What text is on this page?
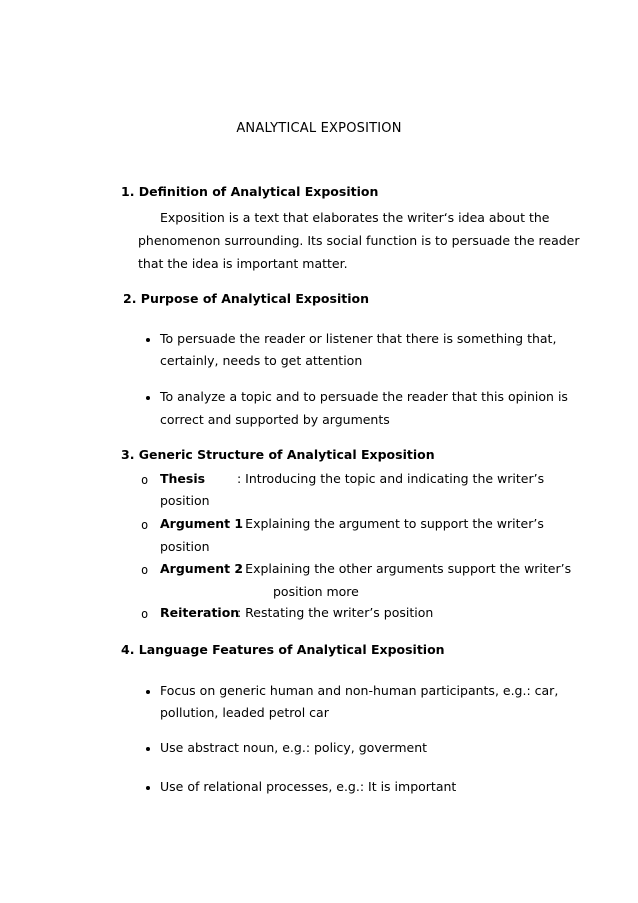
ANALYTICAL EXPOSITION
1. Definition of Analytical Exposition
Exposition is a text that elaborates the writer‘s idea about the
phenomenon surrounding. Its social function is to persuade the reader
that the idea is important matter.
2. Purpose of Analytical Exposition
To persuade the reader or listener that there is something that,
certainly, needs to get attention
To analyze a topic and to persuade the reader that this opinion is
correct and supported by arguments
3. Generic Structure of Analytical Exposition
o Thesis	: Introducing the topic and indicating the writer’s
position
o Argument 1
: Explaining the argument to support the writer’s
position
o Argument 2
: Explaining the other arguments support the writer’s
position more
o Reiteration
: Restating the writer’s position
4. Language Features of Analytical Exposition
Focus on generic human and non-human participants, e.g.: car,
pollution, leaded petrol car
Use abstract noun, e.g.: policy, goverment
Use of relational processes, e.g.: It is important
